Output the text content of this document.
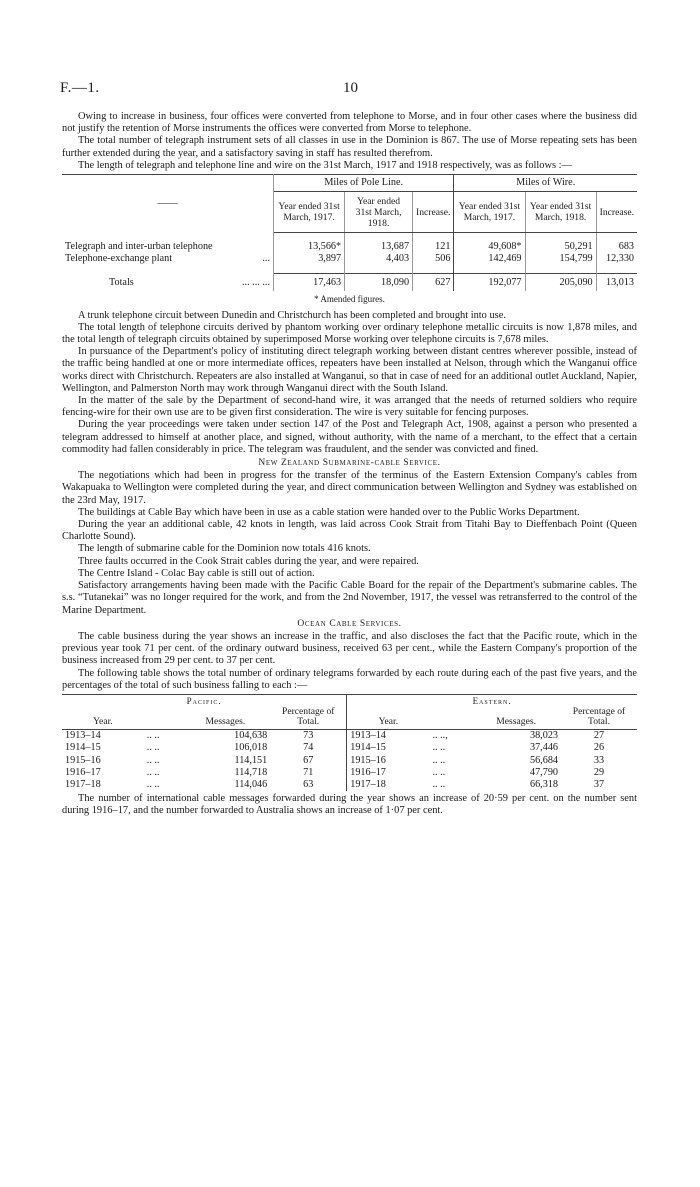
F.—1.	10

Owing to increase in business, four offices were converted from telephone to Morse, and in four other cases where the business did not justify the retention of Morse instruments the offices were converted from Morse to telephone.

The total number of telegraph instrument sets of all classes in use in the Dominion is 867. The use of Morse repeating sets has been further extended during the year, and a satisfactory saving in staff has resulted therefrom.

The length of telegraph and telephone line and wire on the 31st March, 1917 and 1918 respectively, was as follows :—

——	Miles of Pole Line.			Miles of Wire.		
	Year ended 31st March, 1917.	Year ended 31st March, 1918.	Increase.	Year ended 31st March, 1917.	Year ended 31st March, 1918.	Increase.

Telegraph and inter-urban telephone	13,566*	13,687	121	49,608*	50,291	683
Telephone-exchange plant ...	3,897	4,403	506	142,469	154,799	12,330

Totals ... ... ...	17,463	18,090	627	192,077	205,090	13,013
* Amended figures.

A trunk telephone circuit between Dunedin and Christchurch has been completed and brought into use.

The total length of telephone circuits derived by phantom working over ordinary telephone metallic circuits is now 1,878 miles, and the total length of telegraph circuits obtained by superimposed Morse working over telephone circuits is 7,678 miles.

In pursuance of the Department's policy of instituting direct telegraph working between distant centres wherever possible, instead of the traffic being handled at one or more intermediate offices, repeaters have been installed at Nelson, through which the Wanganui office works direct with Christchurch. Repeaters are also installed at Wanganui, so that in case of need for an additional outlet Auckland, Napier, Wellington, and Palmerston North may work through Wanganui direct with the South Island.

In the matter of the sale by the Department of second-hand wire, it was arranged that the needs of returned soldiers who require fencing-wire for their own use are to be given first consideration. The wire is very suitable for fencing purposes.

During the year proceedings were taken under section 147 of the Post and Telegraph Act, 1908, against a person who presented a telegram addressed to himself at another place, and signed, without authority, with the name of a merchant, to the effect that a certain commodity had fallen considerably in price. The telegram was fraudulent, and the sender was convicted and fined.

New Zealand Submarine-cable Service.

The negotiations which had been in progress for the transfer of the terminus of the Eastern Extension Company's cables from Wakapuaka to Wellington were completed during the year, and direct communication between Wellington and Sydney was established on the 23rd May, 1917.

The buildings at Cable Bay which have been in use as a cable station were handed over to the Public Works Department.

During the year an additional cable, 42 knots in length, was laid across Cook Strait from Titahi Bay to Dieffenbach Point (Queen Charlotte Sound).

The length of submarine cable for the Dominion now totals 416 knots.

Three faults occurred in the Cook Strait cables during the year, and were repaired.

The Centre Island - Colac Bay cable is still out of action.

Satisfactory arrangements having been made with the Pacific Cable Board for the repair of the Department's submarine cables. The s.s. “Tutanekai” was no longer required for the work, and from the 2nd November, 1917, the vessel was retransferred to the control of the Marine Department.

Ocean Cable Services.

The cable business during the year shows an increase in the traffic, and also discloses the fact that the Pacific route, which in the previous year took 71 per cent. of the ordinary outward business, received 63 per cent., while the Eastern Company's proportion of the business increased from 29 per cent. to 37 per cent.

The following table shows the total number of ordinary telegrams forwarded by each route during each of the past five years, and the percentages of the total of such business falling to each :—

Pacific.				Eastern.			
Year.		Messages.	Percentage of Total.	Year.		Messages.	Percentage of Total.
1913–14	.. ..	104,638	73	1913–14	.. ..,	38,023	27
1914–15	.. ..	106,018	74	1914–15	.. ..	37,446	26
1915–16	.. ..	114,151	67	1915–16	.. ..	56,684	33
1916–17	.. ..	114,718	71	1916–17	.. ..	47,790	29
1917–18	.. ..	114,046	63	1917–18	.. ..	66,318	37

The number of international cable messages forwarded during the year shows an increase of 20·59 per cent. on the number sent during 1916–17, and the number forwarded to Australia shows an increase of 1·07 per cent.
